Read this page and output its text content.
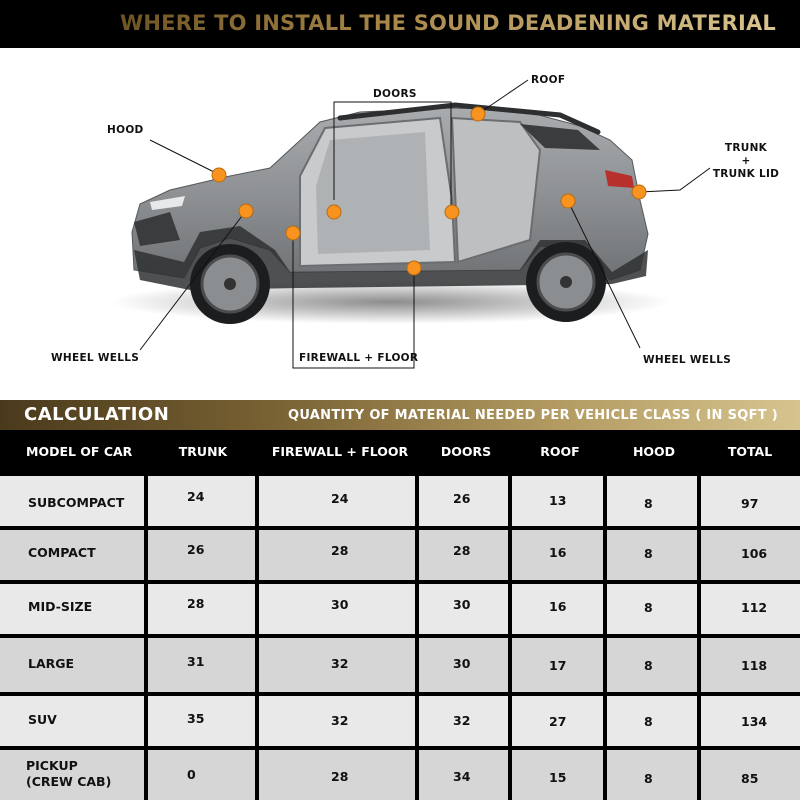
WHERE TO INSTALL THE SOUND DEADENING MATERIAL
HOOD
DOORS
ROOF
TRUNK
+
TRUNK LID
WHEEL WELLS	FIREWALL + FLOOR	WHEEL WELLS
CALCULATION	QUANTITY OF MATERIAL NEEDED PER VEHICLE CLASS ( IN SQFT )
MODEL OF CAR	TRUNK	FIREWALL + FLOOR	DOORS	ROOF	HOOD	TOTAL
SUBCOMPACT	24	24	26	13	8	97
COMPACT	26	28	28	16	8	106
MID-SIZE	28	30	30	16	8	112
LARGE	31	32	30	17	8	118
SUV	35	32	32	27	8	134
PICKUP
(CREW CAB)	0	28	34	15	8	85
